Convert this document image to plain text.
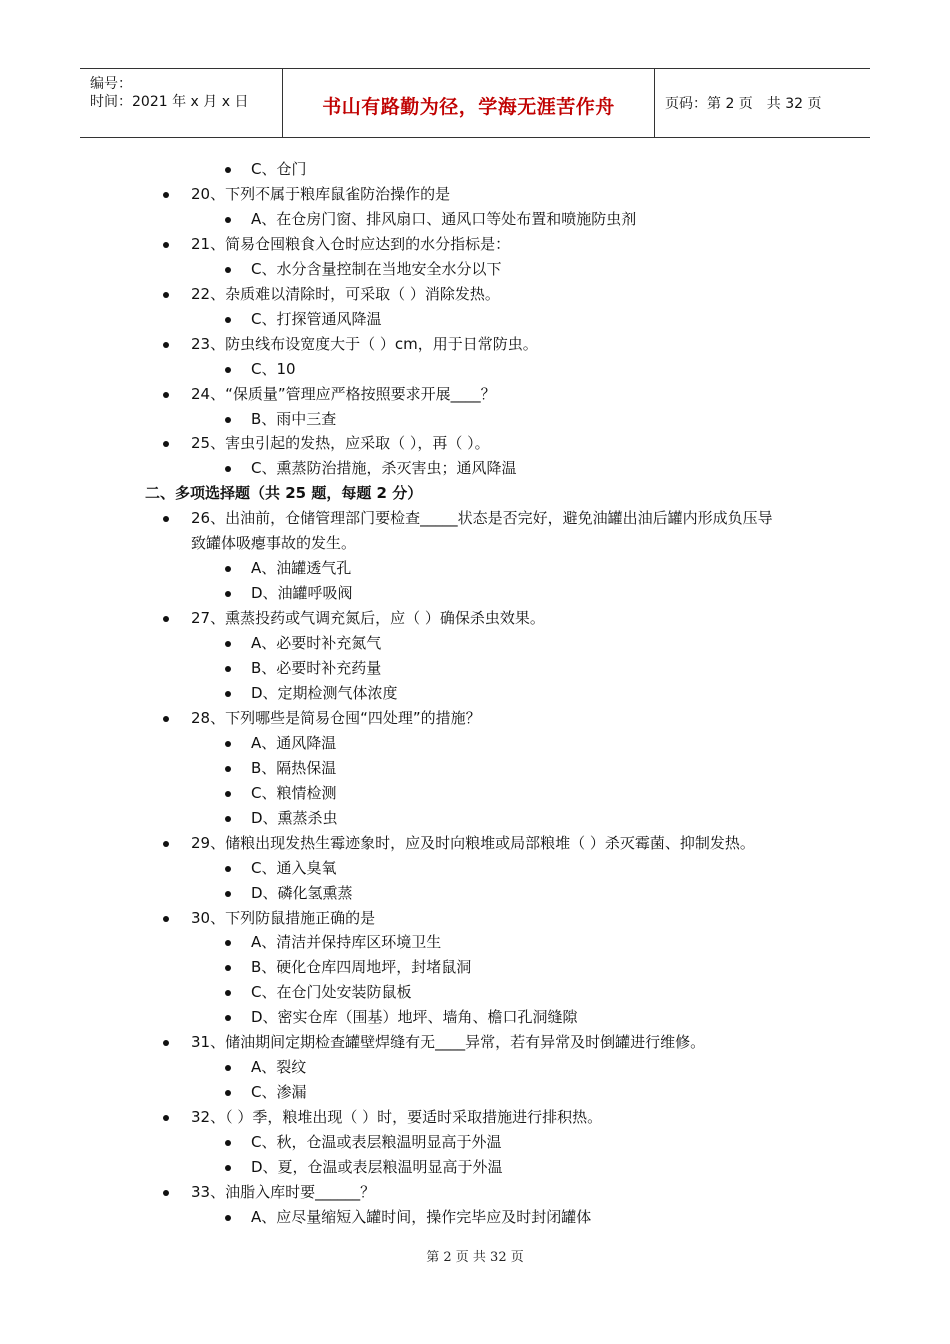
编号：
时间：2021 年 x 月 x 日	书山有路勤为径，学海无涯苦作舟	页码：第 2 页　共 32 页
C、仓门
20、下列不属于粮库鼠雀防治操作的是
A、在仓房门窗、排风扇口、通风口等处布置和喷施防虫剂
21、简易仓囤粮食入仓时应达到的水分指标是：
C、水分含量控制在当地安全水分以下
22、杂质难以清除时，可采取（ ）消除发热。
C、打探管通风降温
23、防虫线布设宽度大于（ ）cm，用于日常防虫。
C、10
24、“保质量”管理应严格按照要求开展____？
B、雨中三查
25、害虫引起的发热，应采取（ ），再（ ）。
C、熏蒸防治措施，杀灭害虫；通风降温
二、多项选择题（共 25 题，每题 2 分）
26、出油前，仓储管理部门要检查_____状态是否完好，避免油罐出油后罐内形成负压导
致罐体吸瘪事故的发生。
A、油罐透气孔
D、油罐呼吸阀
27、熏蒸投药或气调充氮后，应（ ）确保杀虫效果。
A、必要时补充氮气
B、必要时补充药量
D、定期检测气体浓度
28、下列哪些是简易仓囤“四处理”的措施？
A、通风降温
B、隔热保温
C、粮情检测
D、熏蒸杀虫
29、储粮出现发热生霉迹象时，应及时向粮堆或局部粮堆（ ）杀灭霉菌、抑制发热。
C、通入臭氧
D、磷化氢熏蒸
30、下列防鼠措施正确的是
A、清洁并保持库区环境卫生
B、硬化仓库四周地坪，封堵鼠洞
C、在仓门处安装防鼠板
D、密实仓库（围基）地坪、墙角、檐口孔洞缝隙
31、储油期间定期检查罐壁焊缝有无____异常，若有异常及时倒罐进行维修。
A、裂纹
C、渗漏
32、（ ）季，粮堆出现（ ）时，要适时采取措施进行排积热。
C、秋，仓温或表层粮温明显高于外温
D、夏，仓温或表层粮温明显高于外温
33、油脂入库时要______？
A、应尽量缩短入罐时间，操作完毕应及时封闭罐体
第 2 页 共 32 页
